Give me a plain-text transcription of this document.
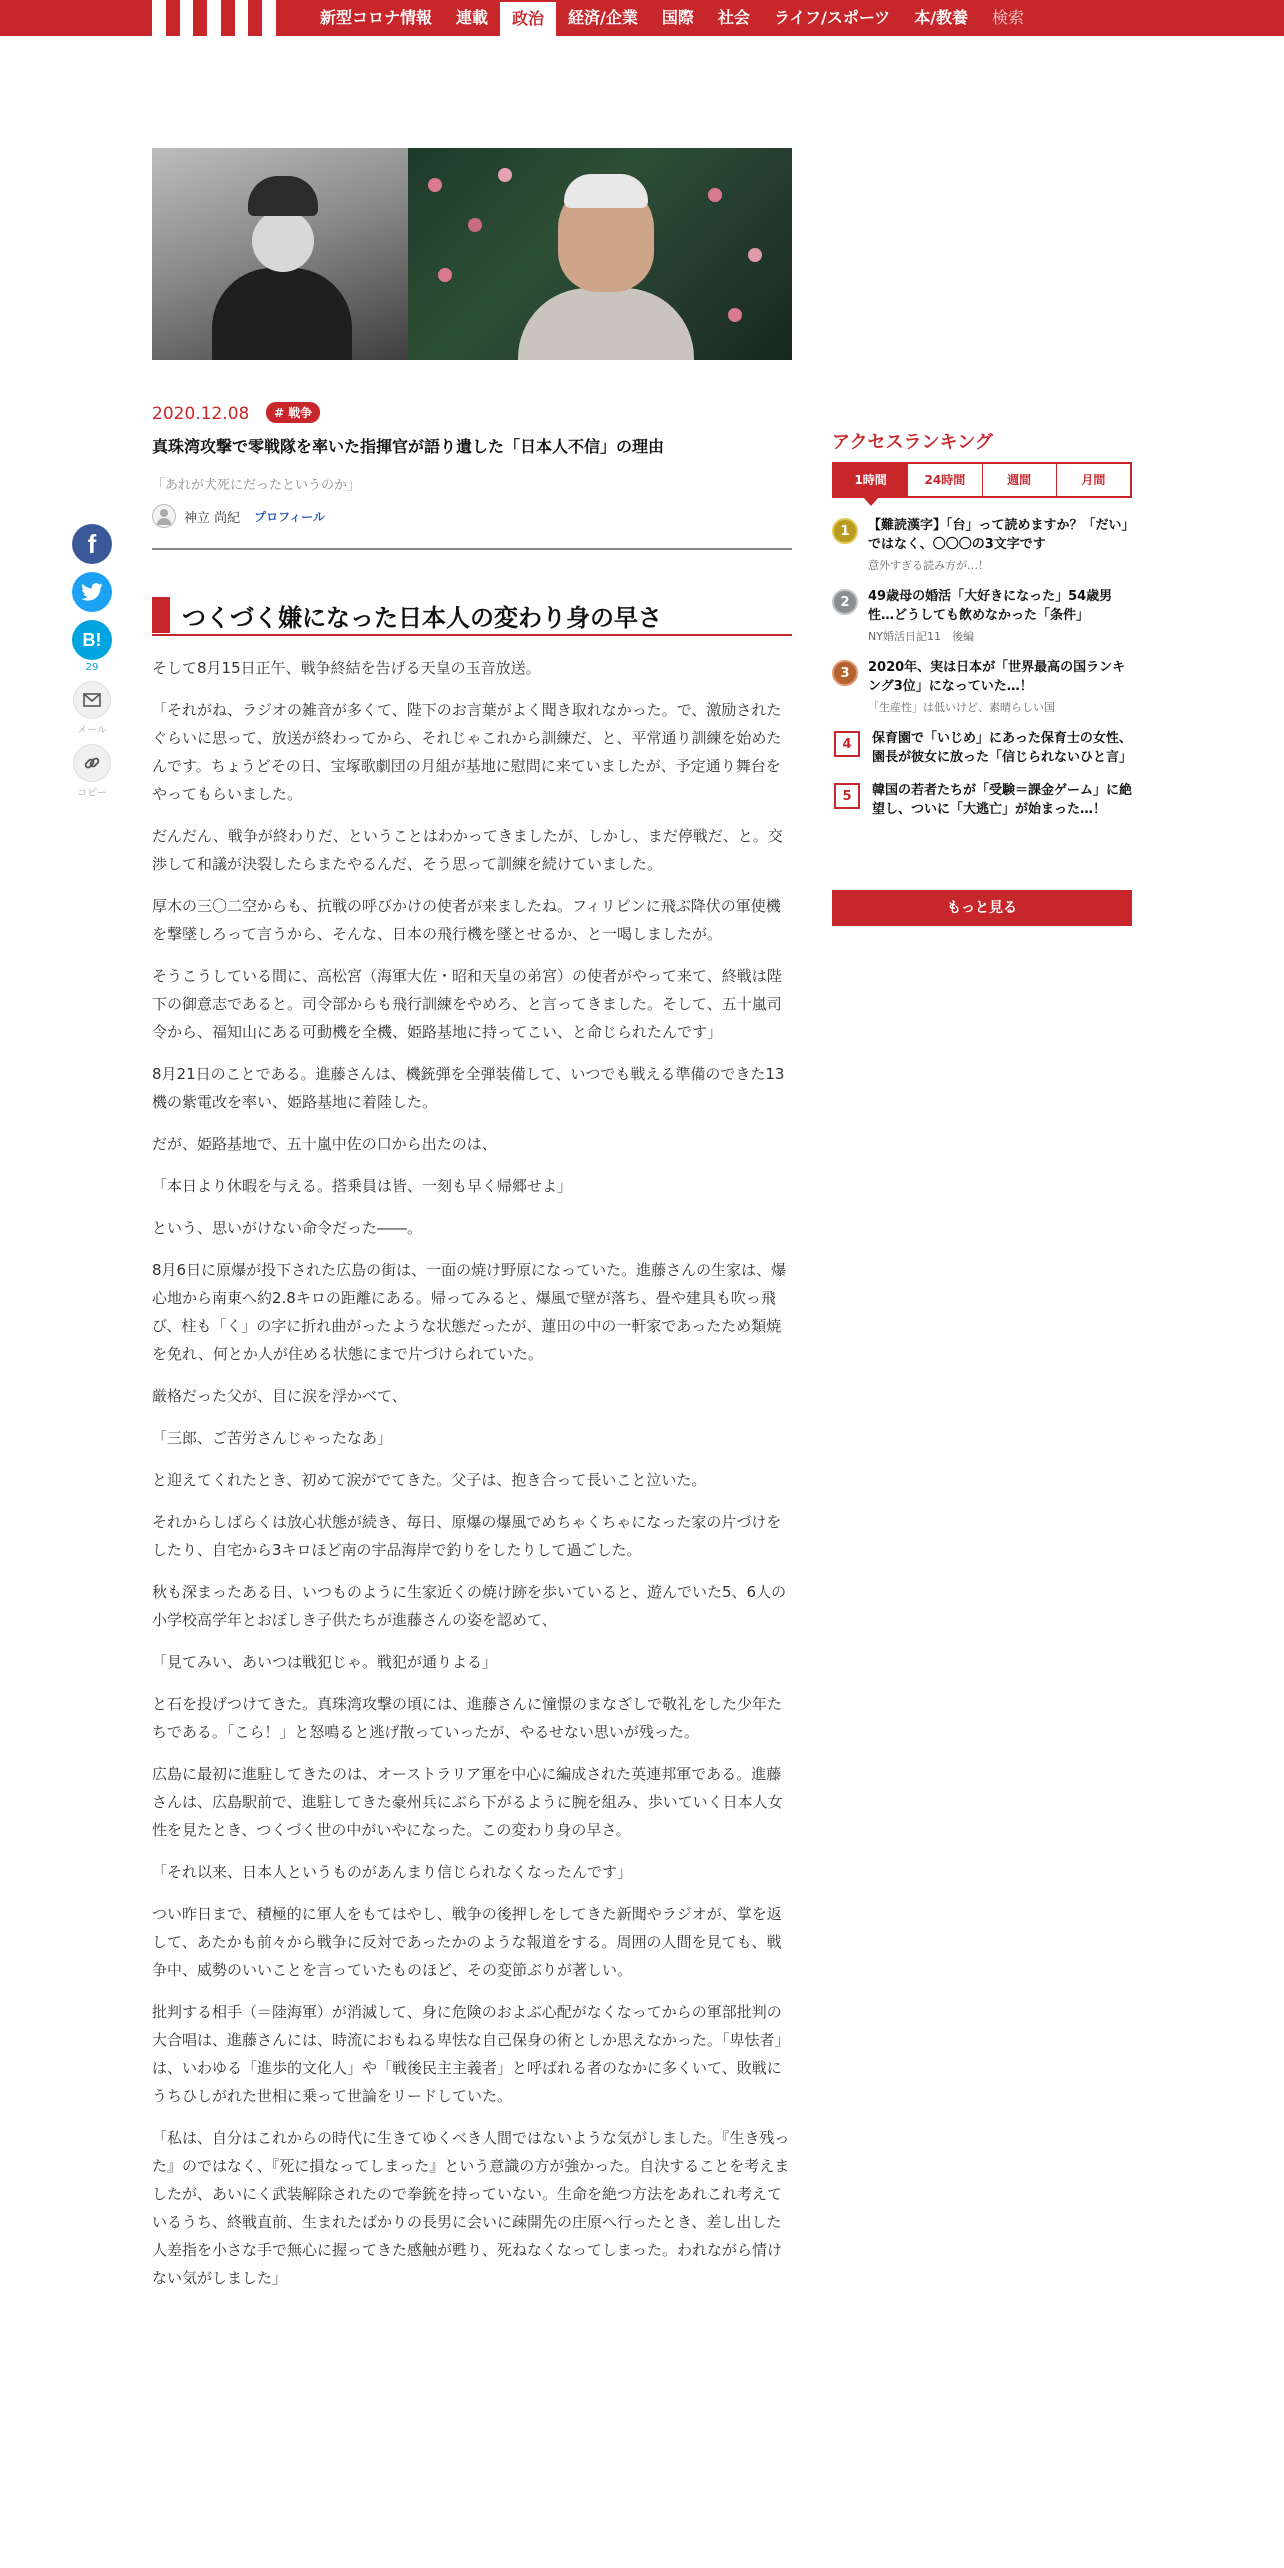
新型コロナ情報	連載	政治	経済/企業	国際	社会	ライフ/スポーツ	本/教養	検索
2020.12.08	# 戦争
真珠湾攻撃で零戦隊を率いた指揮官が語り遺した「日本人不信」の理由
「あれが犬死にだったというのか」
神立 尚紀 プロフィール
f
B!
29
メール
コピー
つくづく嫌になった日本人の変わり身の早さ

そして8月15日正午、戦争終結を告げる天皇の玉音放送。

「それがね、ラジオの雑音が多くて、陛下のお言葉がよく聞き取れなかった。で、激励されたぐらいに思って、放送が終わってから、それじゃこれから訓練だ、と、平常通り訓練を始めたんです。ちょうどその日、宝塚歌劇団の月組が基地に慰問に来ていましたが、予定通り舞台をやってもらいました。

だんだん、戦争が終わりだ、ということはわかってきましたが、しかし、まだ停戦だ、と。交渉して和議が決裂したらまたやるんだ、そう思って訓練を続けていました。

厚木の三〇二空からも、抗戦の呼びかけの使者が来ましたね。フィリピンに飛ぶ降伏の軍使機を撃墜しろって言うから、そんな、日本の飛行機を墜とせるか、と一喝しましたが。

そうこうしている間に、高松宮（海軍大佐・昭和天皇の弟宮）の使者がやって来て、終戦は陛下の御意志であると。司令部からも飛行訓練をやめろ、と言ってきました。そして、五十嵐司令から、福知山にある可動機を全機、姫路基地に持ってこい、と命じられたんです」

8月21日のことである。進藤さんは、機銃弾を全弾装備して、いつでも戦える準備のできた13機の紫電改を率い、姫路基地に着陸した。

だが、姫路基地で、五十嵐中佐の口から出たのは、

「本日より休暇を与える。搭乗員は皆、一刻も早く帰郷せよ」

という、思いがけない命令だった――。

8月6日に原爆が投下された広島の街は、一面の焼け野原になっていた。進藤さんの生家は、爆心地から南東へ約2.8キロの距離にある。帰ってみると、爆風で壁が落ち、畳や建具も吹っ飛び、柱も「く」の字に折れ曲がったような状態だったが、蓮田の中の一軒家であったため類焼を免れ、何とか人が住める状態にまで片づけられていた。

厳格だった父が、目に涙を浮かべて、

「三郎、ご苦労さんじゃったなあ」

と迎えてくれたとき、初めて涙がでてきた。父子は、抱き合って長いこと泣いた。

それからしばらくは放心状態が続き、毎日、原爆の爆風でめちゃくちゃになった家の片づけをしたり、自宅から3キロほど南の宇品海岸で釣りをしたりして過ごした。

秋も深まったある日、いつものように生家近くの焼け跡を歩いていると、遊んでいた5、6人の小学校高学年とおぼしき子供たちが進藤さんの姿を認めて、

「見てみい、あいつは戦犯じゃ。戦犯が通りよる」

と石を投げつけてきた。真珠湾攻撃の頃には、進藤さんに憧憬のまなざしで敬礼をした少年たちである。「こら！」と怒鳴ると逃げ散っていったが、やるせない思いが残った。

広島に最初に進駐してきたのは、オーストラリア軍を中心に編成された英連邦軍である。進藤さんは、広島駅前で、進駐してきた豪州兵にぶら下がるように腕を組み、歩いていく日本人女性を見たとき、つくづく世の中がいやになった。この変わり身の早さ。

「それ以来、日本人というものがあんまり信じられなくなったんです」

つい昨日まで、積極的に軍人をもてはやし、戦争の後押しをしてきた新聞やラジオが、掌を返して、あたかも前々から戦争に反対であったかのような報道をする。周囲の人間を見ても、戦争中、威勢のいいことを言っていたものほど、その変節ぶりが著しい。

批判する相手（＝陸海軍）が消滅して、身に危険のおよぶ心配がなくなってからの軍部批判の大合唱は、進藤さんには、時流におもねる卑怯な自己保身の術としか思えなかった。「卑怯者」は、いわゆる「進歩的文化人」や「戦後民主主義者」と呼ばれる者のなかに多くいて、敗戦にうちひしがれた世相に乗って世論をリードしていた。

「私は、自分はこれからの時代に生きてゆくべき人間ではないような気がしました。『生き残った』のではなく、『死に損なってしまった』という意識の方が強かった。自決することを考えましたが、あいにく武装解除されたので拳銃を持っていない。生命を絶つ方法をあれこれ考えているうち、終戦直前、生まれたばかりの長男に会いに疎開先の庄原へ行ったとき、差し出した人差指を小さな手で無心に握ってきた感触が甦り、死ねなくなってしまった。われながら情けない気がしました」

アクセスランキング
1時間	24時間	週間	月間
1	【難読漢字】「台」って読めますか？「だい」ではなく、〇〇〇の3文字です
意外すぎる読み方が…！
2	49歳母の婚活「大好きになった」54歳男性…どうしても飲めなかった「条件」
NY婚活日記11　後編
3	2020年、実は日本が「世界最高の国ランキング3位」になっていた…！
「生産性」は低いけど、素晴らしい国
4	保育園で「いじめ」にあった保育士の女性、園長が彼女に放った「信じられないひと言」
5	韓国の若者たちが「受験＝課金ゲーム」に絶望し、ついに「大逃亡」が始まった…！
もっと見る
